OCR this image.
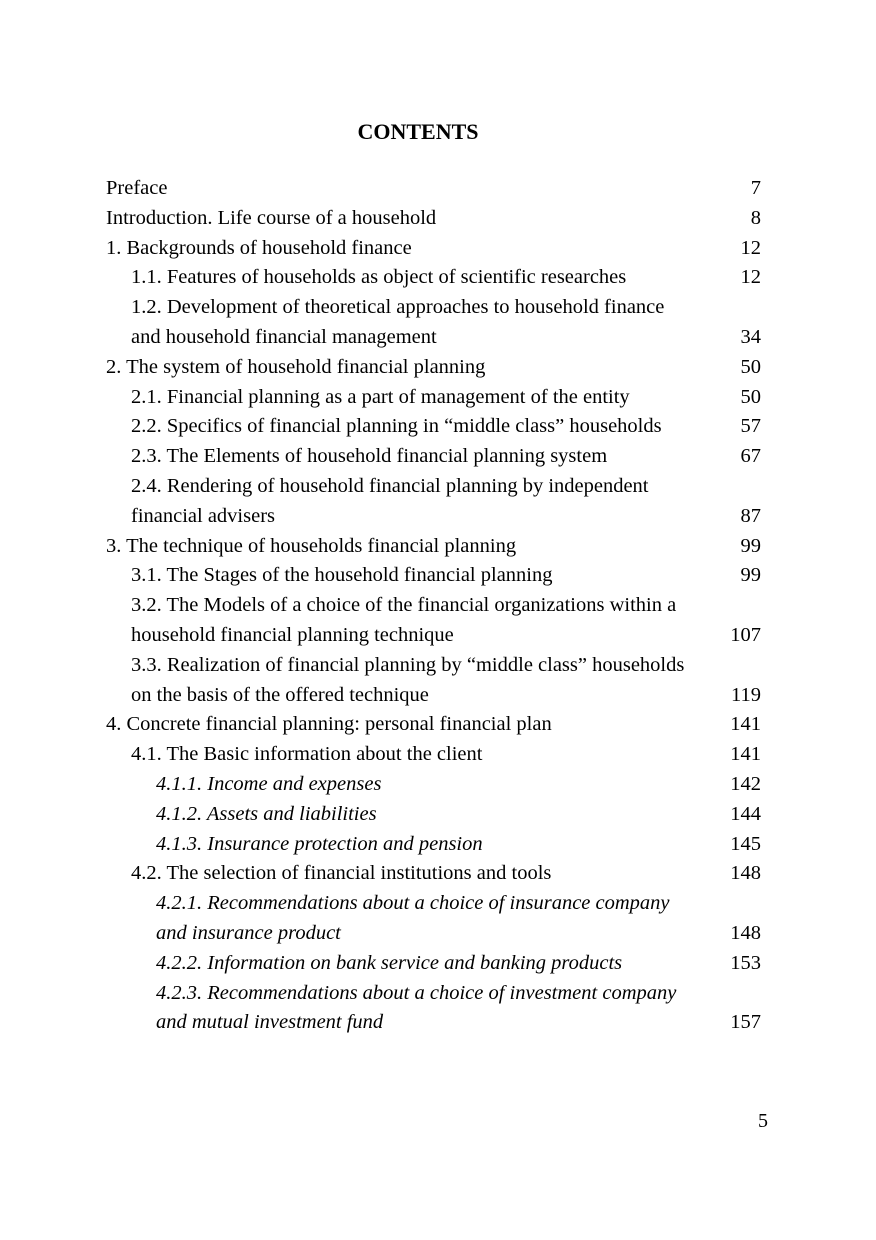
CONTENTS
Preface	7
Introduction. Life course of a household	8
1. Backgrounds of household finance	12
1.1. Features of households as object of scientific researches	12
1.2. Development of theoretical approaches to household finance
and household financial management	34
2. The system of household financial planning	50
2.1. Financial planning as a part of management of the entity	50
2.2. Specifics of financial planning in “middle class” households	57
2.3. The Elements of household financial planning system	67
2.4. Rendering of household financial planning by independent
financial advisers	87
3. The technique of households financial planning	99
3.1. The Stages of the household financial planning	99
3.2. The Models of a choice of the financial organizations within a
household financial planning technique	107
3.3. Realization of financial planning by “middle class” households
on the basis of the offered technique	119
4. Concrete financial planning: personal financial plan	141
4.1. The Basic information about the client	141
4.1.1. Income and expenses	142
4.1.2. Assets and liabilities	144
4.1.3. Insurance protection and pension	145
4.2. The selection of financial institutions and tools	148
4.2.1. Recommendations about a choice of insurance company
and insurance product	148
4.2.2. Information on bank service and banking products	153
4.2.3. Recommendations about a choice of investment company
and mutual investment fund	157
5
